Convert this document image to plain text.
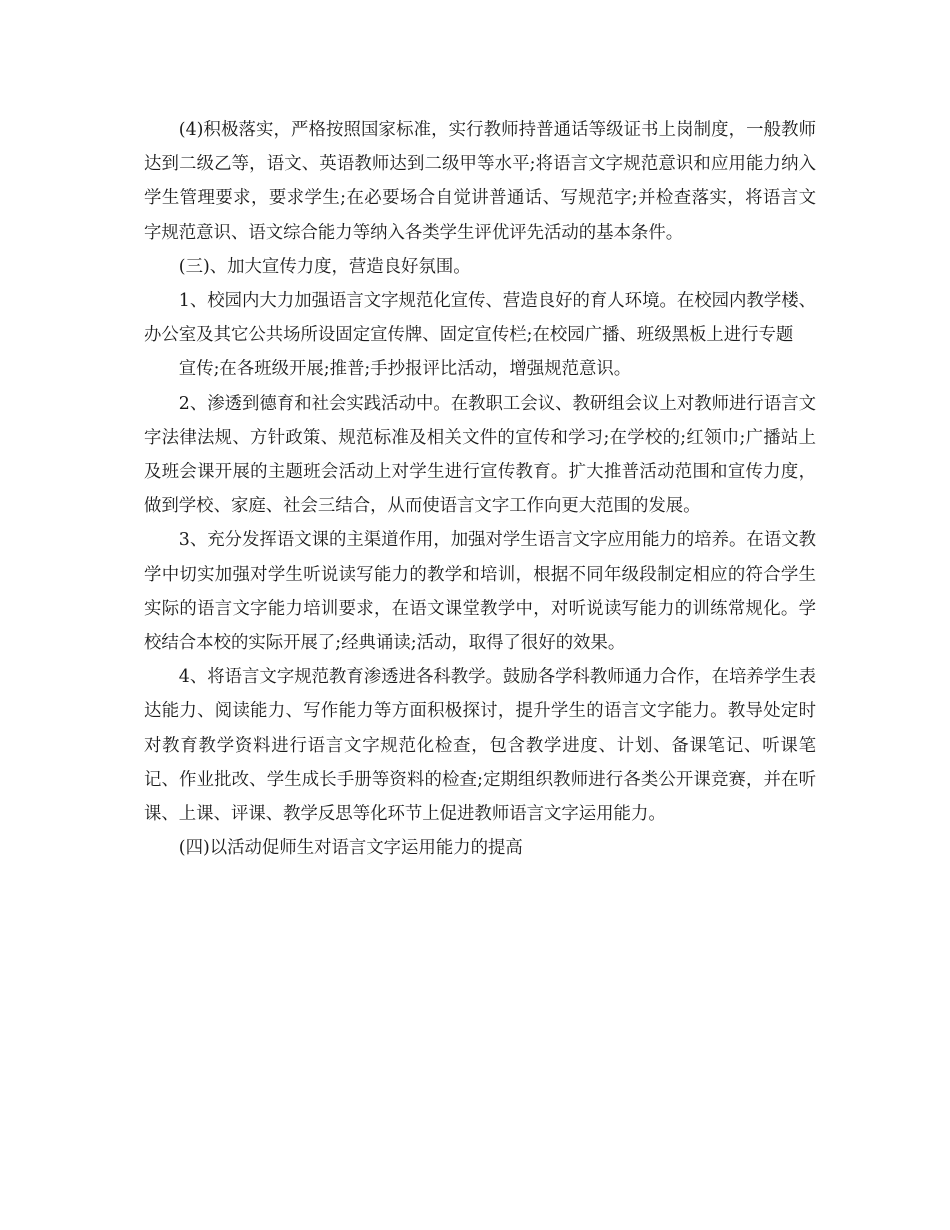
(4)积极落实，严格按照国家标准，实行教师持普通话等级证书上岗制度，一般教师达到二级乙等，语文、英语教师达到二级甲等水平;将语言文字规范意识和应用能力纳入学生管理要求，要求学生;在必要场合自觉讲普通话、写规范字;并检查落实，将语言文字规范意识、语文综合能力等纳入各类学生评优评先活动的基本条件。

(三)、加大宣传力度，营造良好氛围。

1、校园内大力加强语言文字规范化宣传、营造良好的育人环境。在校园内教学楼、办公室及其它公共场所设固定宣传牌、固定宣传栏;在校园广播、班级黑板上进行专题

宣传;在各班级开展;推普;手抄报评比活动，增强规范意识。

2、渗透到德育和社会实践活动中。在教职工会议、教研组会议上对教师进行语言文字法律法规、方针政策、规范标准及相关文件的宣传和学习;在学校的;红领巾;广播站上及班会课开展的主题班会活动上对学生进行宣传教育。扩大推普活动范围和宣传力度，做到学校、家庭、社会三结合，从而使语言文字工作向更大范围的发展。

3、充分发挥语文课的主渠道作用，加强对学生语言文字应用能力的培养。在语文教学中切实加强对学生听说读写能力的教学和培训，根据不同年级段制定相应的符合学生实际的语言文字能力培训要求，在语文课堂教学中，对听说读写能力的训练常规化。学校结合本校的实际开展了;经典诵读;活动，取得了很好的效果。

4、将语言文字规范教育渗透进各科教学。鼓励各学科教师通力合作，在培养学生表达能力、阅读能力、写作能力等方面积极探讨，提升学生的语言文字能力。教导处定时对教育教学资料进行语言文字规范化检查，包含教学进度、计划、备课笔记、听课笔记、作业批改、学生成长手册等资料的检查;定期组织教师进行各类公开课竞赛，并在听课、上课、评课、教学反思等化环节上促进教师语言文字运用能力。

(四)以活动促师生对语言文字运用能力的提高
